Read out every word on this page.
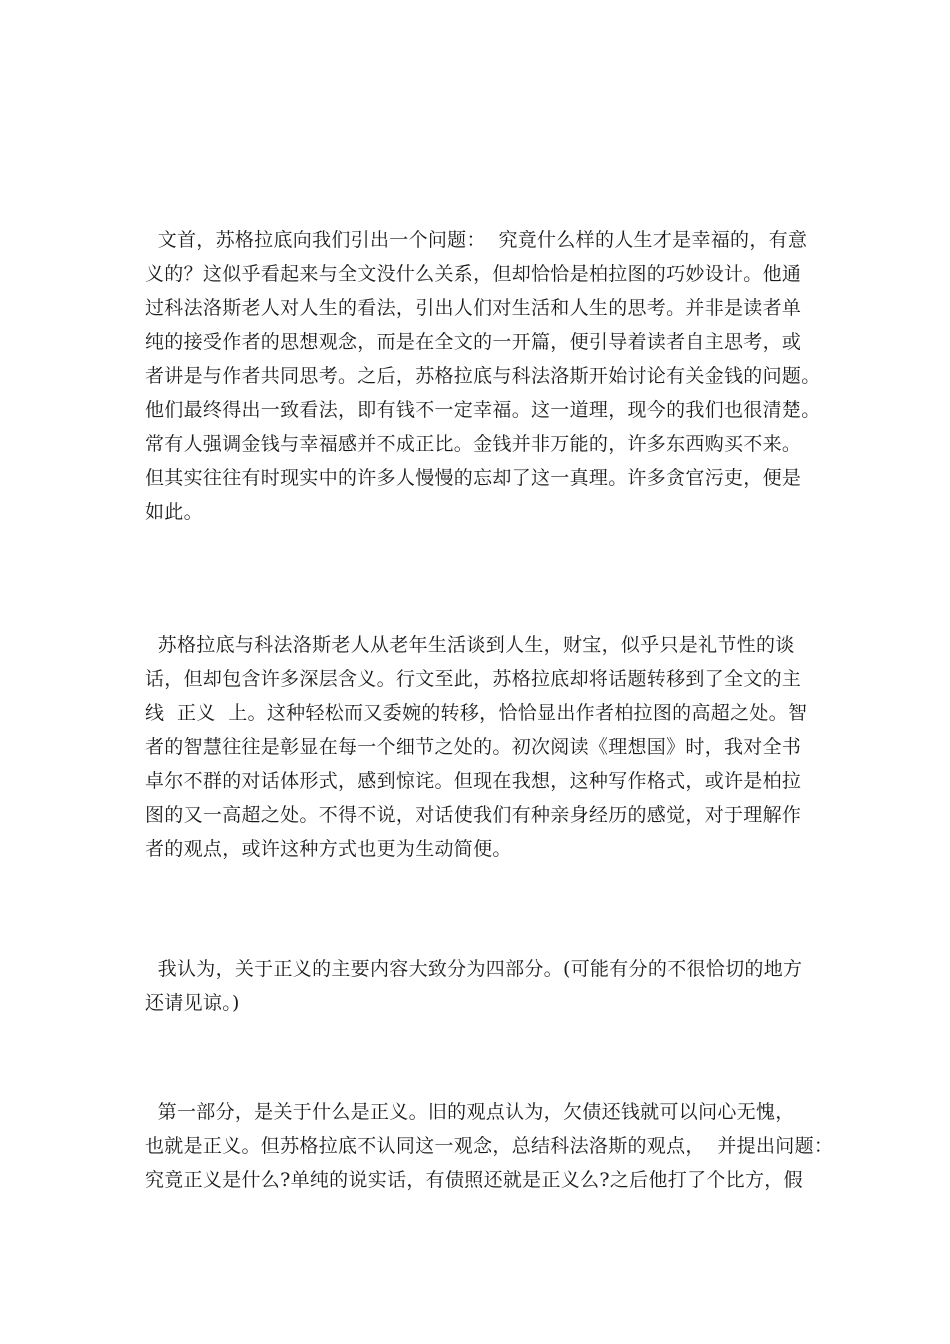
文首，苏格拉底向我们引出一个问题：  究竟什么样的人生才是幸福的，有意
义的？这似乎看起来与全文没什么关系，但却恰恰是柏拉图的巧妙设计。他通
过科法洛斯老人对人生的看法，引出人们对生活和人生的思考。并非是读者单
纯的接受作者的思想观念，而是在全文的一开篇，便引导着读者自主思考，或
者讲是与作者共同思考。之后，苏格拉底与科法洛斯开始讨论有关金钱的问题。
他们最终得出一致看法，即有钱不一定幸福。这一道理，现今的我们也很清楚。
常有人强调金钱与幸福感并不成正比。金钱并非万能的，许多东西购买不来。
但其实往往有时现实中的许多人慢慢的忘却了这一真理。许多贪官污吏，便是
如此。
苏格拉底与科法洛斯老人从老年生活谈到人生，财宝，似乎只是礼节性的谈
话，但却包含许多深层含义。行文至此，苏格拉底却将话题转移到了全文的主
线  正义  上。这种轻松而又委婉的转移，恰恰显出作者柏拉图的高超之处。智
者的智慧往往是彰显在每一个细节之处的。初次阅读《理想国》时，我对全书
卓尔不群的对话体形式，感到惊诧。但现在我想，这种写作格式，或许是柏拉
图的又一高超之处。不得不说，对话使我们有种亲身经历的感觉，对于理解作
者的观点，或许这种方式也更为生动简便。
我认为，关于正义的主要内容大致分为四部分。(可能有分的不很恰切的地方
还请见谅。)
第一部分，是关于什么是正义。旧的观点认为，欠债还钱就可以问心无愧，
也就是正义。但苏格拉底不认同这一观念，总结科法洛斯的观点，  并提出问题：
究竟正义是什么?单纯的说实话，有债照还就是正义么?之后他打了个比方，假
